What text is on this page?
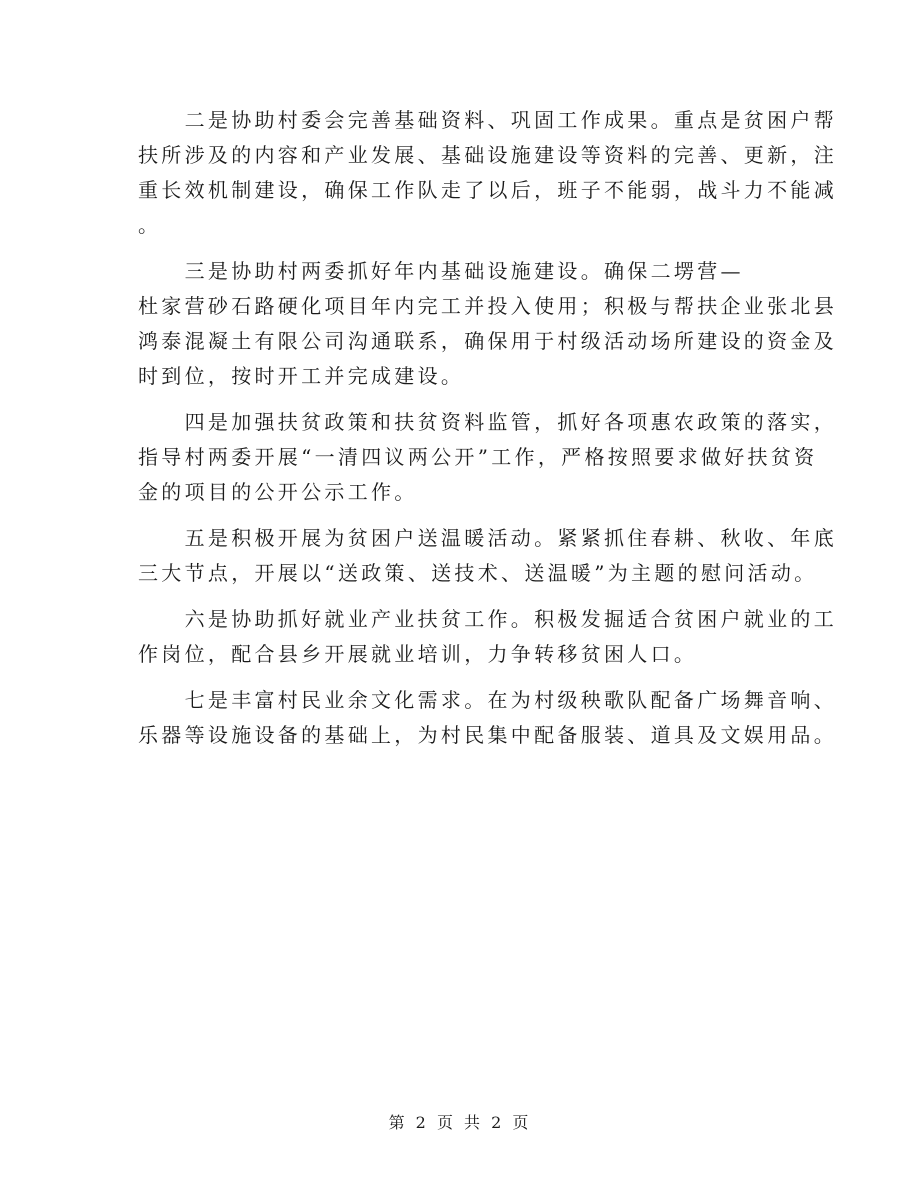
　　二是协助村委会完善基础资料、巩固工作成果。重点是贫困户帮
扶所涉及的内容和产业发展、基础设施建设等资料的完善、更新，注
重长效机制建设，确保工作队走了以后，班子不能弱，战斗力不能减
。
　　三是协助村两委抓好年内基础设施建设。确保二塄营—
杜家营砂石路硬化项目年内完工并投入使用；积极与帮扶企业张北县
鸿泰混凝土有限公司沟通联系，确保用于村级活动场所建设的资金及
时到位，按时开工并完成建设。
　　四是加强扶贫政策和扶贫资料监管，抓好各项惠农政策的落实，
指导村两委开展“一清四议两公开”工作，严格按照要求做好扶贫资
金的项目的公开公示工作。
　　五是积极开展为贫困户送温暖活动。紧紧抓住春耕、秋收、年底
三大节点，开展以“送政策、送技术、送温暖”为主题的慰问活动。
　　六是协助抓好就业产业扶贫工作。积极发掘适合贫困户就业的工
作岗位，配合县乡开展就业培训，力争转移贫困人口。
　　七是丰富村民业余文化需求。在为村级秧歌队配备广场舞音响、
乐器等设施设备的基础上，为村民集中配备服装、道具及文娱用品。
第 2 页 共 2 页
